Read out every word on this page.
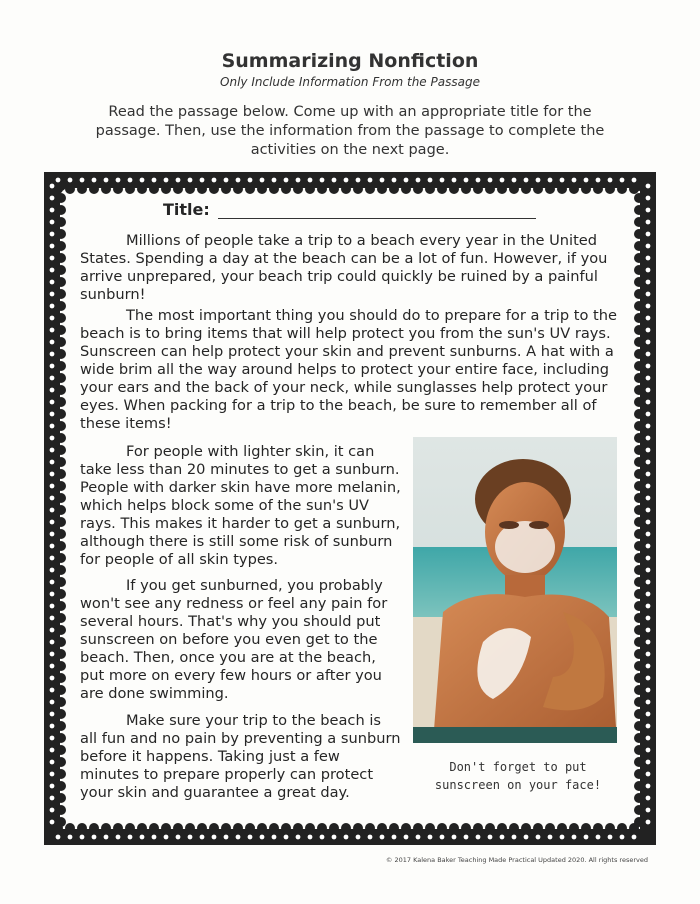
Summarizing Nonfiction
Only Include Information From the Passage
Read the passage below. Come up with an appropriate title for the passage. Then, use the information from the passage to complete the activities on the next page.
Title:

Millions of people take a trip to a beach every year in the United States. Spending a day at the beach can be a lot of fun. However, if you arrive unprepared, your beach trip could quickly be ruined by a painful sunburn!

The most important thing you should do to prepare for a trip to the beach is to bring items that will help protect you from the sun's UV rays. Sunscreen can help protect your skin and prevent sunburns. A hat with a wide brim all the way around helps to protect your entire face, including your ears and the back of your neck, while sunglasses help protect your eyes. When packing for a trip to the beach, be sure to remember all of these items!

For people with lighter skin, it can take less than 20 minutes to get a sunburn. People with darker skin have more melanin, which helps block some of the sun's UV rays. This makes it harder to get a sunburn, although there is still some risk of sunburn for people of all skin types.

If you get sunburned, you probably won't see any redness or feel any pain for several hours. That's why you should put sunscreen on before you even get to the beach. Then, once you are at the beach, put more on every few hours or after you are done swimming.

Make sure your trip to the beach is all fun and no pain by preventing a sunburn before it happens. Taking just a few minutes to prepare properly can protect your skin and guarantee a great day.

Don't forget to put sunscreen on your face!
© 2017 Kalena Baker Teaching Made Practical Updated 2020. All rights reserved
